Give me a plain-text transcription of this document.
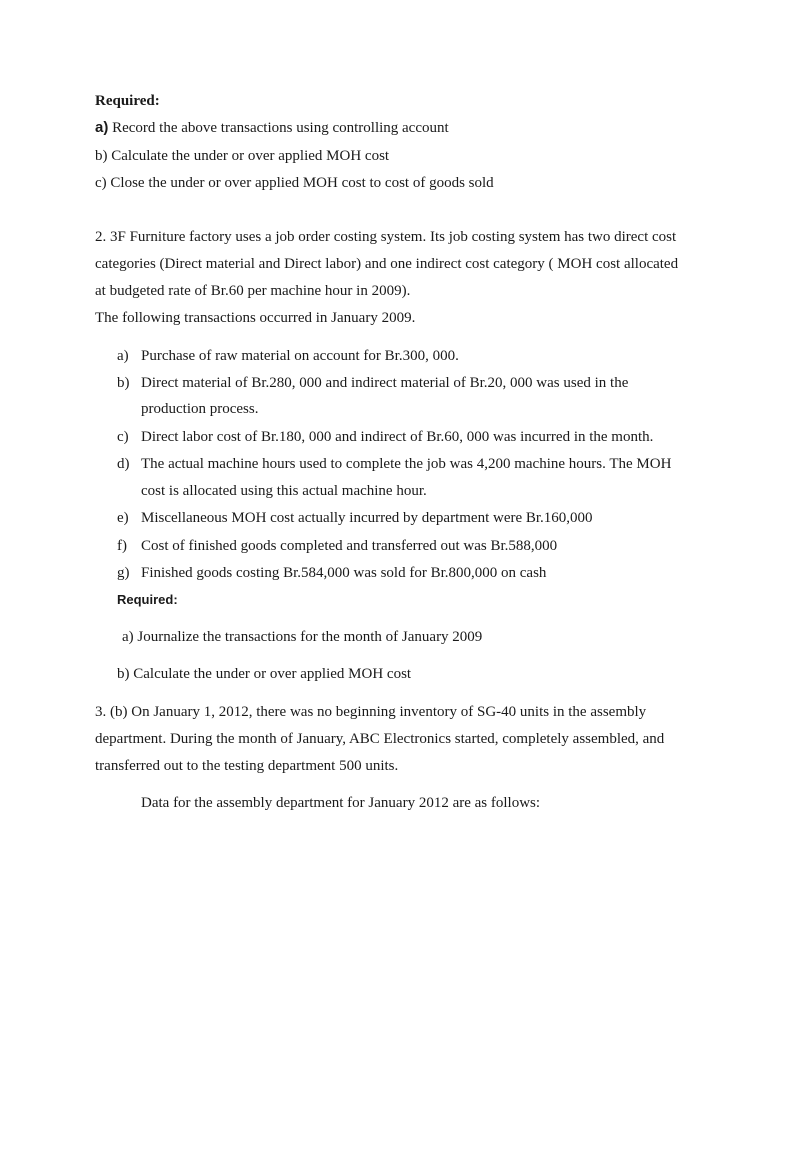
Required:
a) Record the above transactions using controlling account
b) Calculate the under or over applied MOH cost
c) Close the under or over applied MOH cost to cost of goods sold
2. 3F Furniture factory uses a job order costing system. Its job costing system has two direct cost
categories (Direct material and Direct labor) and one indirect cost category ( MOH cost allocated
at budgeted rate of Br.60 per machine hour in 2009).
The following transactions occurred in January 2009.
a) Purchase of raw material on account for Br.300, 000.
b) Direct material of Br.280, 000 and indirect material of Br.20, 000 was used in the
production process.
c) Direct labor cost of Br.180, 000 and indirect of Br.60, 000 was incurred in the month.
d) The actual machine hours used to complete the job was 4,200 machine hours. The MOH
cost is allocated using this actual machine hour.
e) Miscellaneous MOH cost actually incurred by department were Br.160,000
f) Cost of finished goods completed and transferred out was Br.588,000
g) Finished goods costing Br.584,000 was sold for Br.800,000 on cash
Required:
a) Journalize the transactions for the month of January 2009
b) Calculate the under or over applied MOH cost
3. (b) On January 1, 2012, there was no beginning inventory of SG-40 units in the assembly
department. During the month of January, ABC Electronics started, completely assembled, and
transferred out to the testing department 500 units.
Data for the assembly department for January 2012 are as follows:
